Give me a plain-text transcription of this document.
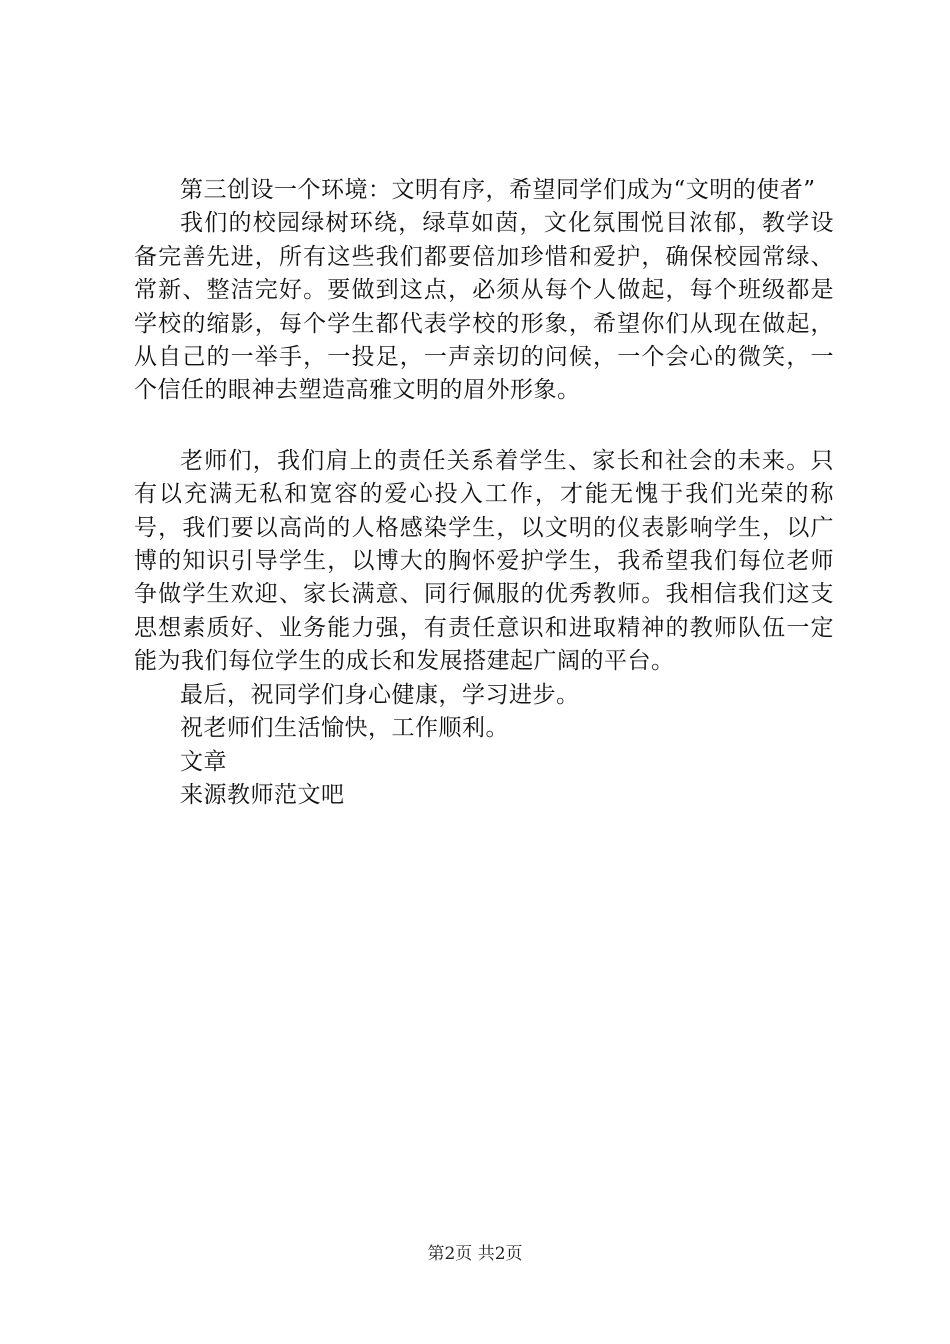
第三创设一个环境：文明有序，希望同学们成为“文明的使者”

我们的校园绿树环绕，绿草如茵，文化氛围悦目浓郁，教学设备完善先进，所有这些我们都要倍加珍惜和爱护，确保校园常绿、常新、整洁完好。要做到这点，必须从每个人做起，每个班级都是学校的缩影，每个学生都代表学校的形象，希望你们从现在做起，从自己的一举手，一投足，一声亲切的问候，一个会心的微笑，一个信任的眼神去塑造高雅文明的眉外形象。

老师们，我们肩上的责任关系着学生、家长和社会的未来。只有以充满无私和宽容的爱心投入工作，才能无愧于我们光荣的称号，我们要以高尚的人格感染学生，以文明的仪表影响学生，以广博的知识引导学生，以博大的胸怀爱护学生，我希望我们每位老师争做学生欢迎、家长满意、同行佩服的优秀教师。我相信我们这支思想素质好、业务能力强，有责任意识和进取精神的教师队伍一定能为我们每位学生的成长和发展搭建起广阔的平台。

最后，祝同学们身心健康，学习进步。

祝老师们生活愉快，工作顺利。

文章

来源教师范文吧

第2页 共2页
